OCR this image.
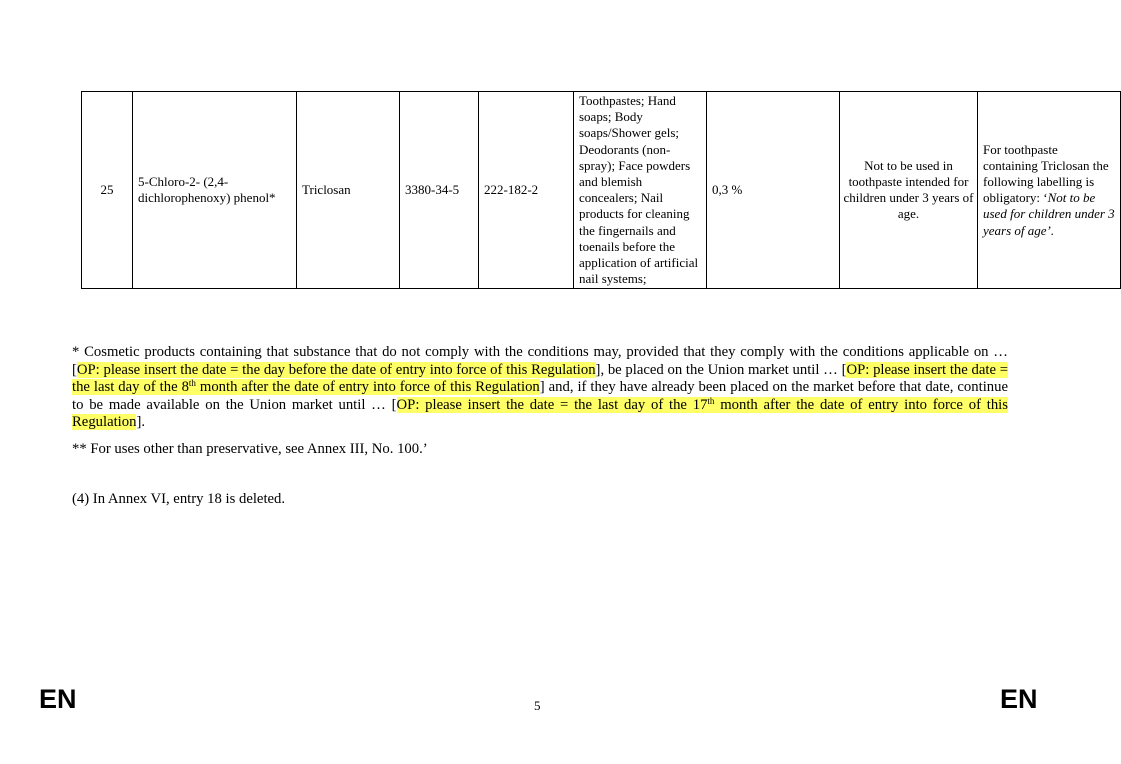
25	5-Chloro-2- (2,4-dichlorophenoxy) phenol*	Triclosan	3380-34-5	222-182-2	Toothpastes; Hand soaps; Body soaps/Shower gels; Deodorants (non-spray); Face powders and blemish concealers; Nail products for cleaning the fingernails and toenails before the application of artificial nail systems;	0,3 %	Not to be used in toothpaste intended for children under 3 years of age.	For toothpaste containing Triclosan the following labelling is obligatory: ‘Not to be used for children under 3 years of age’.

* Cosmetic products containing that substance that do not comply with the conditions may, provided that they comply with the conditions applicable on … [OP: please insert the date = the day before the date of entry into force of this Regulation], be placed on the Union market until … [OP: please insert the date = the last day of the 8th month after the date of entry into force of this Regulation] and, if they have already been placed on the market before that date, continue to be made available on the Union market until … [OP: please insert the date = the last day of the 17th month after the date of entry into force of this Regulation].

** For uses other than preservative, see Annex III, No. 100.’

(4) In Annex VI, entry 18 is deleted.

EN	5	EN
